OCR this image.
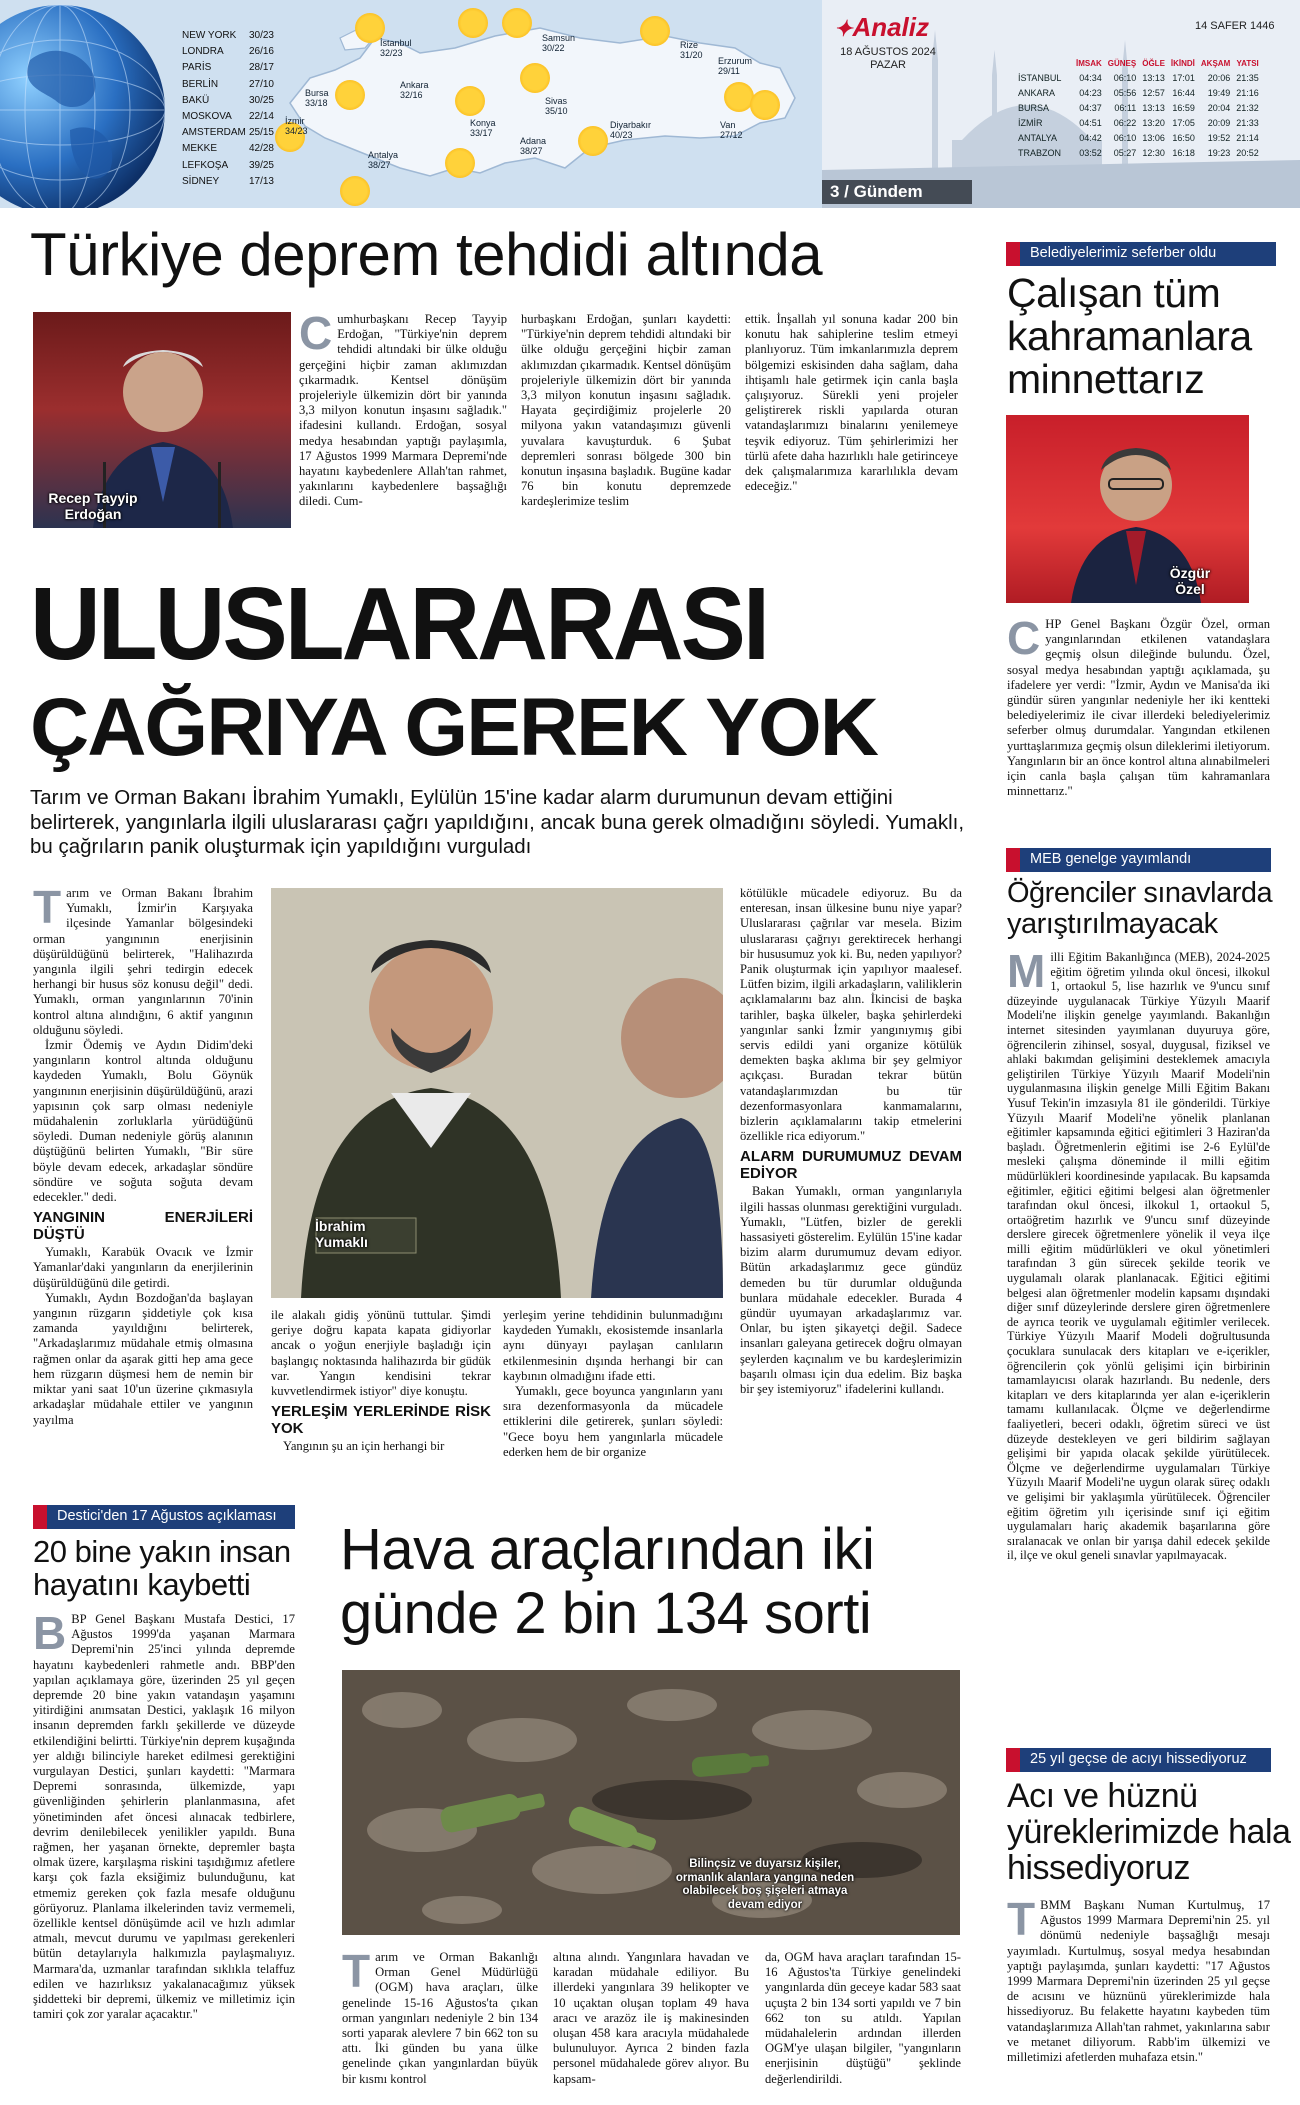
NEW YORK 30/23
LONDRA	26/16
PARİS	28/17
BERLİN	27/10
BAKÜ	30/25
MOSKOVA 22/14
AMSTERDAM 25/15
MEKKE	42/28
LEFKOŞA 39/25
SİDNEY	17/13
İstanbul
32/23
Samsun
30/22	Rize
31/20
Erzurum
29/11
Ankara
32/16
Bursa
33/18
İzmir
34/23
Sivas
35/10
Konya
33/17
Diyarbakır
40/23
Van
27/12
Antalya
38/27
Adana
38/27
✦Analiz
18 AĞUSTOS 2024
PAZAR
14 SAFER 1446
	İMSAK	GÜNEŞ	ÖĞLE	İKİNDİ	AKŞAM	YATSI
İSTANBUL	04:34	06:10	13:13	17:01	20:06	21:35
ANKARA	04:23	05:56	12:57	16:44	19:49	21:16
BURSA	04:37	06:11	13:13	16:59	20:04	21:32
İZMİR	04:51	06:22	13:20	17:05	20:09	21:33
ANTALYA	04:42	06:10	13:06	16:50	19:52	21:14
TRABZON	03:52	05:27	12:30	16:18	19:23	20:52
3 / Gündem
Türkiye deprem tehdidi altında
Recep Tayyip
Erdoğan
Cumhurbaşkanı Recep Tayyip Erdoğan, "Türkiye'nin deprem tehdidi altındaki bir ülke olduğu gerçeğini hiçbir zaman aklımızdan çıkarmadık. Kentsel dönüşüm projeleriyle ülkemizin dört bir yanında 3,3 milyon konutun inşasını sağladık." ifadesini kullandı. Erdoğan, sosyal medya hesabından yaptığı paylaşımla, 17 Ağustos 1999 Marmara Depremi'nde hayatını kaybedenlere Allah'tan rahmet, yakınlarını kaybedenlere başsağlığı diledi. Cum-
hurbaşkanı Erdoğan, şunları kaydetti: "Türkiye'nin deprem tehdidi altındaki bir ülke olduğu gerçeğini hiçbir zaman aklımızdan çıkarmadık. Kentsel dönüşüm projeleriyle ülkemizin dört bir yanında 3,3 milyon konutun inşasını sağladık. Hayata geçirdiğimiz projelerle 20 milyona yakın vatandaşımızı güvenli yuvalara kavuşturduk. 6 Şubat depremleri sonrası bölgede 300 bin konutun inşasına başladık. Bugüne kadar 76 bin konutu depremzede kardeşlerimize teslim
ettik. İnşallah yıl sonuna kadar 200 bin konutu hak sahiplerine teslim etmeyi planlıyoruz. Tüm imkanlarımızla deprem bölgemizi eskisinden daha sağlam, daha ihtişamlı hale getirmek için canla başla çalışıyoruz. Sürekli yeni projeler geliştirerek riskli yapılarda oturan vatandaşlarımızı binalarını yenilemeye teşvik ediyoruz. Tüm şehirlerimizi her türlü afete daha hazırlıklı hale getirinceye dek çalışmalarımıza kararlılıkla devam edeceğiz."
Belediyelerimiz seferber oldu
Çalışan tüm kahramanlara minnettarız
Özgür
Özel
CHP Genel Başkanı Özgür Özel, orman yangınlarından etkilenen vatandaşlara geçmiş olsun dileğinde bulundu. Özel, sosyal medya hesabından yaptığı açıklamada, şu ifadelere yer verdi: "İzmir, Aydın ve Manisa'da iki gündür süren yangınlar nedeniyle her iki kentteki belediyelerimiz ile civar illerdeki belediyelerimiz seferber olmuş durumdalar. Yangından etkilenen yurttaşlarımıza geçmiş olsun dileklerimi iletiyorum. Yangınların bir an önce kontrol altına alınabilmeleri için canla başla çalışan tüm kahramanlara minnettarız."
ULUSLARARASI
ÇAĞRIYA GEREK YOK
Tarım ve Orman Bakanı İbrahim Yumaklı, Eylülün 15'ine kadar alarm durumunun devam ettiğini belirterek, yangınlarla ilgili uluslararası çağrı yapıldığını, ancak buna gerek olmadığını söyledi. Yumaklı, bu çağrıların panik oluşturmak için yapıldığını vurguladı
Tarım ve Orman Bakanı İbrahim Yumaklı, İzmir'in Karşıyaka ilçesinde Yamanlar bölgesindeki orman yangınının enerjisinin düşürüldüğünü belirterek, "Halihazırda yangınla ilgili şehri tedirgin edecek herhangi bir husus söz konusu değil" dedi. Yumaklı, orman yangınlarının 70'inin kontrol altına alındığını, 6 aktif yangının olduğunu söyledi.

İzmir Ödemiş ve Aydın Didim'deki yangınların kontrol altında olduğunu kaydeden Yumaklı, Bolu Göynük yangınının enerjisinin düşürüldüğünü, arazi yapısının çok sarp olması nedeniyle müdahalenin zorluklarla yürüdüğünü söyledi. Duman nedeniyle görüş alanının düştüğünü belirten Yumaklı, "Bir süre böyle devam edecek, arkadaşlar söndüre söndüre ve soğuta soğuta devam edecekler." dedi.

YANGININ ENERJİLERİ DÜŞTÜ

Yumaklı, Karabük Ovacık ve İzmir Yamanlar'daki yangınların da enerjilerinin düşürüldüğünü dile getirdi.

Yumaklı, Aydın Bozdoğan'da başlayan yangının rüzgarın şiddetiyle çok kısa zamanda yayıldığını belirterek, "Arkadaşlarımız müdahale etmiş olmasına rağmen onlar da aşarak gitti hep ama gece hem rüzgarın düşmesi hem de nemin bir miktar yani saat 10'un üzerine çıkmasıyla arkadaşlar müdahale ettiler ve yangının yayılma

İbrahim
Yumaklı
ile alakalı gidiş yönünü tuttular. Şimdi geriye doğru kapata kapata gidiyorlar ancak o yoğun enerjiyle başladığı için başlangıç noktasında halihazırda bir güdük var. Yangın kendisini tekrar kuvvetlendirmek istiyor" diye konuştu.
YERLEŞİM YERLERİNDE RİSK YOK

Yangının şu an için herhangi bir

yerleşim yerine tehdidinin bulunmadığını kaydeden Yumaklı, ekosistemde insanlarla aynı dünyayı paylaşan canlıların etkilenmesinin dışında herhangi bir can kaybının olmadığını ifade etti.

Yumaklı, gece boyunca yangınların yanı sıra dezenformasyonla da mücadele ettiklerini dile getirerek, şunları söyledi: "Gece boyu hem yangınlarla mücadele ederken hem de bir organize

kötülükle mücadele ediyoruz. Bu da enteresan, insan ülkesine bunu niye yapar? Uluslararası çağrılar var mesela. Bizim uluslararası çağrıyı gerektirecek herhangi bir hususumuz yok ki. Bu, neden yapılıyor? Panik oluşturmak için yapılıyor maalesef. Lütfen bizim, ilgili arkadaşların, valiliklerin açıklamalarını baz alın. İkincisi de başka tarihler, başka ülkeler, başka şehirlerdeki yangınlar sanki İzmir yangınıymış gibi servis edildi yani organize kötülük demekten başka aklıma bir şey gelmiyor açıkçası. Buradan tekrar bütün vatandaşlarımızdan bu tür dezenformasyonlara kanmamalarını, bizlerin açıklamalarını takip etmelerini özellikle rica ediyorum."
ALARM DURUMUMUZ DEVAM EDİYOR

Bakan Yumaklı, orman yangınlarıyla ilgili hassas olunması gerektiğini vurguladı. Yumaklı, "Lütfen, bizler de gerekli hassasiyeti gösterelim. Eylülün 15'ine kadar bizim alarm durumumuz devam ediyor. Bütün arkadaşlarımız gece gündüz demeden bu tür durumlar olduğunda bunlara müdahale edecekler. Burada 4 gündür uyumayan arkadaşlarımız var. Onlar, bu işten şikayetçi değil. Sadece insanları galeyana getirecek doğru olmayan şeylerden kaçınalım ve bu kardeşlerimizin başarılı olması için dua edelim. Biz başka bir şey istemiyoruz" ifadelerini kullandı.

Destici'den 17 Ağustos açıklaması
20 bine yakın insan hayatını kaybetti
BBP Genel Başkanı Mustafa Destici, 17 Ağustos 1999'da yaşanan Marmara Depremi'nin 25'inci yılında depremde hayatını kaybedenleri rahmetle andı. BBP'den yapılan açıklamaya göre, üzerinden 25 yıl geçen depremde 20 bine yakın vatandaşın yaşamını yitirdiğini anımsatan Destici, yaklaşık 16 milyon insanın depremden farklı şekillerde ve düzeyde etkilendiğini belirtti. Türkiye'nin deprem kuşağında yer aldığı bilinciyle hareket edilmesi gerektiğini vurgulayan Destici, şunları kaydetti: "Marmara Depremi sonrasında, ülkemizde, yapı güvenliğinden şehirlerin planlanmasına, afet yönetiminden afet öncesi alınacak tedbirlere, devrim denilebilecek yenilikler yapıldı. Buna rağmen, her yaşanan örnekte, depremler başta olmak üzere, karşılaşma riskini taşıdığımız afetlere karşı çok fazla eksiğimiz bulunduğunu, kat etmemiz gereken çok fazla mesafe olduğunu görüyoruz. Planlama ilkelerinden taviz vermemeli, özellikle kentsel dönüşümde acil ve hızlı adımlar atmalı, mevcut durumu ve yapılması gerekenleri bütün detaylarıyla halkımızla paylaşmalıyız. Marmara'da, uzmanlar tarafından sıklıkla telaffuz edilen ve hazırlıksız yakalanacağımız yüksek şiddetteki bir depremi, ülkemiz ve milletimiz için tamiri çok zor yaralar açacaktır."
Hava araçlarından iki günde 2 bin 134 sorti
Bilinçsiz ve duyarsız kişiler, ormanlık alanlara yangına neden olabilecek boş şişeleri atmaya devam ediyor
Tarım ve Orman Bakanlığı Orman Genel Müdürlüğü (OGM) hava araçları, ülke genelinde 15-16 Ağustos'ta çıkan orman yangınları nedeniyle 2 bin 134 sorti yaparak alevlere 7 bin 662 ton su attı. İki günden bu yana ülke genelinde çıkan yangınlardan büyük bir kısmı kontrol
altına alındı. Yangınlara havadan ve karadan müdahale ediliyor. Bu illerdeki yangınlara 39 helikopter ve 10 uçaktan oluşan toplam 49 hava aracı ve arazöz ile iş makinesinden oluşan 458 kara aracıyla müdahalede bulunuluyor. Ayrıca 2 binden fazla personel müdahalede görev alıyor. Bu kapsam-
da, OGM hava araçları tarafından 15-16 Ağustos'ta Türkiye genelindeki yangınlarda dün geceye kadar 583 saat uçuşta 2 bin 134 sorti yapıldı ve 7 bin 662 ton su atıldı. Yapılan müdahalelerin ardından illerden OGM'ye ulaşan bilgiler, "yangınların enerjisinin düştüğü" şeklinde değerlendirildi.
MEB genelge yayımlandı
Öğrenciler sınavlarda yarıştırılmayacak
Milli Eğitim Bakanlığınca (MEB), 2024-2025 eğitim öğretim yılında okul öncesi, ilkokul 1, ortaokul 5, lise hazırlık ve 9'uncu sınıf düzeyinde uygulanacak Türkiye Yüzyılı Maarif Modeli'ne ilişkin genelge yayımlandı. Bakanlığın internet sitesinden yayımlanan duyuruya göre, öğrencilerin zihinsel, sosyal, duygusal, fiziksel ve ahlaki bakımdan gelişimini desteklemek amacıyla geliştirilen Türkiye Yüzyılı Maarif Modeli'nin uygulanmasına ilişkin genelge Milli Eğitim Bakanı Yusuf Tekin'in imzasıyla 81 ile gönderildi. Türkiye Yüzyılı Maarif Modeli'ne yönelik planlanan eğitimler kapsamında eğitici eğitimleri 3 Haziran'da başladı. Öğretmenlerin eğitimi ise 2-6 Eylül'de mesleki çalışma döneminde il milli eğitim müdürlükleri koordinesinde yapılacak. Bu kapsamda eğitimler, eğitici eğitimi belgesi alan öğretmenler tarafından okul öncesi, ilkokul 1, ortaokul 5, ortaöğretim hazırlık ve 9'uncu sınıf düzeyinde derslere girecek öğretmenlere yönelik il veya ilçe milli eğitim müdürlükleri ve okul yönetimleri tarafından 3 gün sürecek şekilde teorik ve uygulamalı olarak planlanacak. Eğitici eğitimi belgesi alan öğretmenler modelin kapsamı dışındaki diğer sınıf düzeylerinde derslere giren öğretmenlere de ayrıca teorik ve uygulamalı eğitimler verilecek. Türkiye Yüzyılı Maarif Modeli doğrultusunda çocuklara sunulacak ders kitapları ve e-içerikler, öğrencilerin çok yönlü gelişimi için birbirinin tamamlayıcısı olarak hazırlandı. Bu nedenle, ders kitapları ve ders kitaplarında yer alan e-içeriklerin tamamı kullanılacak. Ölçme ve değerlendirme faaliyetleri, beceri odaklı, öğretim süreci ve üst düzeyde destekleyen ve geri bildirim sağlayan gelişimi bir yapıda olacak şekilde yürütülecek. Ölçme ve değerlendirme uygulamaları Türkiye Yüzyılı Maarif Modeli'ne uygun olarak süreç odaklı ve gelişimi bir yaklaşımla yürütülecek. Öğrenciler eğitim öğretim yılı içerisinde sınıf içi eğitim uygulamaları hariç akademik başarılarına göre sıralanacak ve onlan bir yarışa dahil edecek şekilde il, ilçe ve okul geneli sınavlar yapılmayacak.
25 yıl geçse de acıyı hissediyoruz
Acı ve hüznü yüreklerimizde hala hissediyoruz
TBMM Başkanı Numan Kurtulmuş, 17 Ağustos 1999 Marmara Depremi'nin 25. yıl dönümü nedeniyle başsağlığı mesajı yayımladı. Kurtulmuş, sosyal medya hesabından yaptığı paylaşımda, şunları kaydetti: "17 Ağustos 1999 Marmara Depremi'nin üzerinden 25 yıl geçse de acısını ve hüznünü yüreklerimizde hala hissediyoruz. Bu felakette hayatını kaybeden tüm vatandaşlarımıza Allah'tan rahmet, yakınlarına sabır ve metanet diliyorum. Rabb'im ülkemizi ve milletimizi afetlerden muhafaza etsin."
